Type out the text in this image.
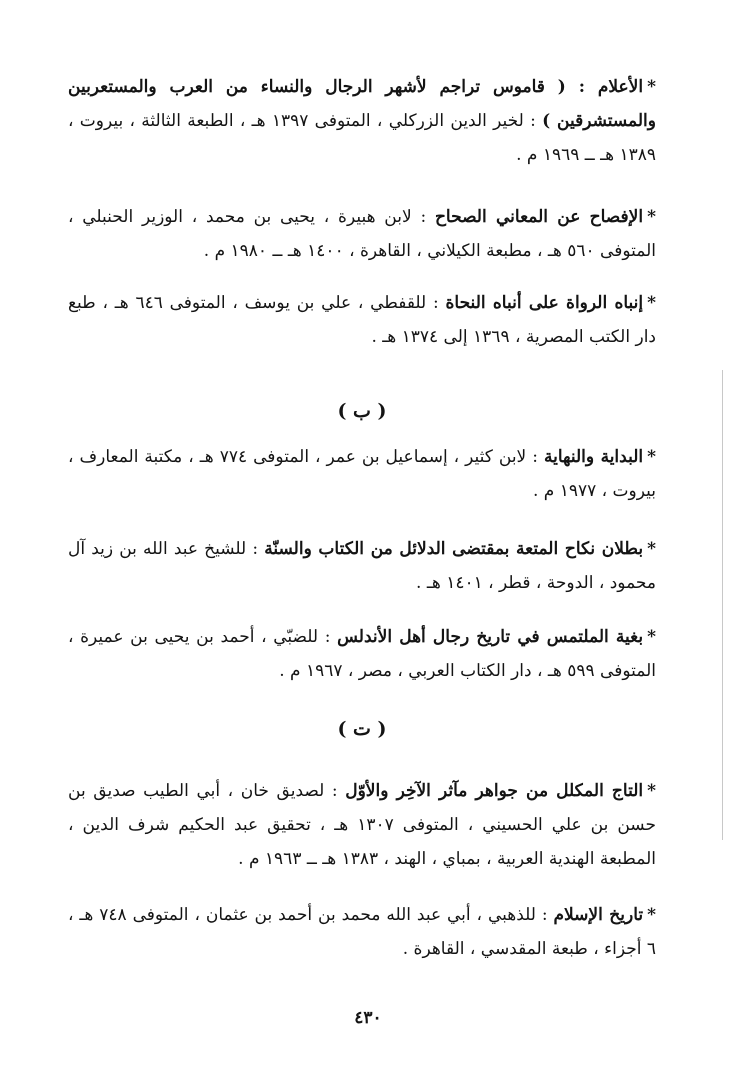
*الأعلام : ( قاموس تراجم لأشهر الرجال والنساء من العرب والمستعربين والمستشرقين ) : لخير الدين الزركلي ، المتوفى ١٣٩٧ هـ ، الطبعة الثالثة ، بيروت ، ١٣٨٩ هـ ــ ١٩٦٩ م .

*الإفصاح عن المعاني الصحاح : لابن هبيرة ، يحيى بن محمد ، الوزير الحنبلي ، المتوفى ٥٦٠ هـ ، مطبعة الكيلاني ، القاهرة ، ١٤٠٠ هـ ــ ١٩٨٠ م .

*إنباه الرواة على أنباه النحاة : للقفطي ، علي بن يوسف ، المتوفى ٦٤٦ هـ ، طبع دار الكتب المصرية ، ١٣٦٩ إلى ١٣٧٤ هـ .

( ب )

*البداية والنهاية : لابن كثير ، إسماعيل بن عمر ، المتوفى ٧٧٤ هـ ، مكتبة المعارف ، بيروت ، ١٩٧٧ م .

*بطلان نكاح المتعة بمقتضى الدلائل من الكتاب والسنّة : للشيخ عبد الله بن زيد آل محمود ، الدوحة ، قطر ، ١٤٠١ هـ .

*بغية الملتمس في تاريخ رجال أهل الأندلس : للضبّي ، أحمد بن يحيى بن عميرة ، المتوفى ٥٩٩ هـ ، دار الكتاب العربي ، مصر ، ١٩٦٧ م .

( ت )

*التاج المكلل من جواهر مآثر الآخِر والأوّل : لصديق خان ، أبي الطيب صديق بن حسن بن علي الحسيني ، المتوفى ١٣٠٧ هـ ، تحقيق عبد الحكيم شرف الدين ، المطبعة الهندية العربية ، بمباي ، الهند ، ١٣٨٣ هـ ــ ١٩٦٣ م .

*تاريخ الإسلام : للذهبي ، أبي عبد الله محمد بن أحمد بن عثمان ، المتوفى ٧٤٨ هـ ، ٦ أجزاء ، طبعة المقدسي ، القاهرة .

٤٣٠
